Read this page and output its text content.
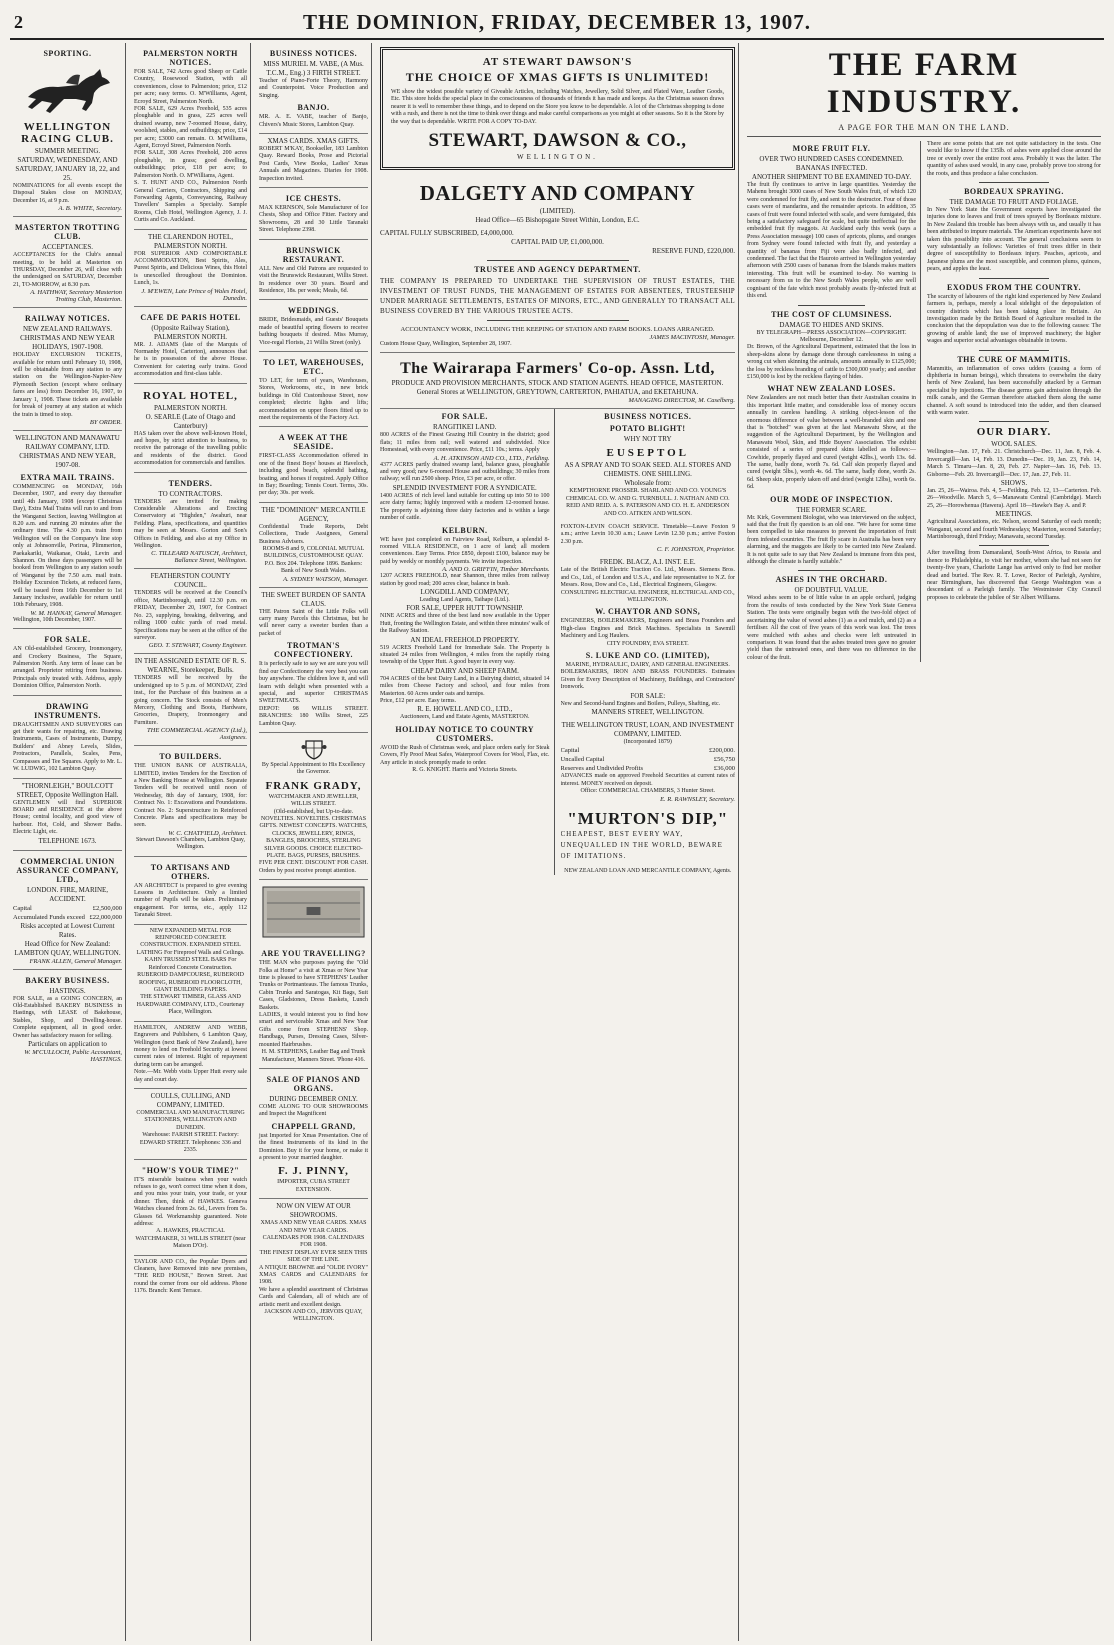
2	THE DOMINION, FRIDAY, DECEMBER 13, 1907.
SPORTING.
WELLINGTON RACING CLUB.
SUMMER MEETING.
SATURDAY, WEDNESDAY, AND SATURDAY, JANUARY 18, 22, and 25.

NOMINATIONS for all events except the Disposal Stakes close on MONDAY, December 16, at 9 p.m.

A. B. WHITE, Secretary.
MASTERTON TROTTING CLUB.
ACCEPTANCES.

ACCEPTANCES for the Club's annual meeting, to be held at Masterton on THURSDAY, December 26, will close with the undersigned on SATURDAY, December 21, TO-MORROW, at 8.30 p.m.

A. HATHWAY, Secretary Masterton Trotting Club, Masterton.
RAILWAY NOTICES.
NEW ZEALAND RAILWAYS.
CHRISTMAS AND NEW YEAR HOLIDAYS, 1907-1908.

HOLIDAY EXCURSION TICKETS, available for return until February 10, 1908, will be obtainable from any station to any station on the Wellington-Napier-New Plymouth Section (except where ordinary fares are less) from December 16, 1907, to January 1, 1908. These tickets are available for break of journey at any station at which the train is timed to stop.

BY ORDER.
WELLINGTON AND MANAWATU RAILWAY COMPANY, LTD.
CHRISTMAS AND NEW YEAR, 1907-08.
EXTRA MAIL TRAINS.

COMMENCING on MONDAY, 16th December, 1907, and every day thereafter until 4th January, 1908 (except Christmas Day), Extra Mail Trains will run to and from the Wanganui Section, leaving Wellington at 8.20 a.m. and running 20 minutes after the ordinary time. The 4.30 p.m. train from Wellington will on the Company's line stop only at Johnsonville, Porirua, Plimmerton, Paekakariki, Waikanae, Otaki, Levin and Shannon. On these days passengers will be booked from Wellington to any station south of Wanganui by the 7.50 a.m. mail train. Holiday Excursion Tickets, at reduced fares, will be issued from 16th December to 1st January inclusive, available for return until 10th February, 1908.

W. M. HANNAY, General Manager.
Wellington, 10th December, 1907.
FOR SALE.

AN Old-established Grocery, Ironmongery, and Crockery Business, The Square, Palmerston North. Any term of lease can be arranged. Proprietor retiring from business. Principals only treated with. Address, apply Dominion Office, Palmerston North.

DRAWING INSTRUMENTS.

DRAUGHTSMEN AND SURVEYORS can get their wants for repairing, etc. Drawing Instruments, Cases of Instruments, Dumpy, Builders' and Abney Levels, Slides, Protractors, Parallels, Scales, Pens, Compasses and Tee Squares. Apply to Mr. L. W. LUDWIG, 102 Lambton Quay.

"THORNLEIGH," BOULCOTT STREET, Opposite Wellington Hall.

GENTLEMEN will find SUPERIOR BOARD and RESIDENCE at the above House; central locality, and good view of harbour. Hot, Cold, and Shower Baths. Electric Light, etc.

TELEPHONE 1673.
COMMERCIAL UNION ASSURANCE COMPANY, LTD.,
LONDON. FIRE, MARINE, ACCIDENT.
Capital	£2,500,000
Accumulated Funds exceed £22,000,000
Risks accepted at Lowest Current Rates.
Head Office for New Zealand:
LAMBTON QUAY, WELLINGTON.
FRANK ALLEN, General Manager.
BAKERY BUSINESS.
HASTINGS.

FOR SALE, as a GOING CONCERN, an Old-Established BAKERY BUSINESS in Hastings, with LEASE of Bakehouse, Stables, Shop, and Dwelling-house. Complete equipment, all in good order. Owner has satisfactory reason for selling.

Particulars on application to
W. M'CULLOCH, Public Accountant, HASTINGS.
PALMERSTON NORTH NOTICES.

FOR SALE, 742 Acres good Sheep or Cattle Country, Rosewood Station, with all conveniences, close to Palmerston; price, £12 per acre; easy terms. O. M'Williams, Agent, Ecroyd Street, Palmerston North.

FOR SALE, 629 Acres Freehold, 535 acres ploughable and in grass, 225 acres well drained swamp, new 7-roomed House, dairy, woolshed, stables, and outbuildings; price, £14 per acre; £3000 can remain. O. M'Williams, Agent, Ecroyd Street, Palmerston North.

FOR SALE, 308 Acres Freehold, 200 acres ploughable, in grass; good dwelling, outbuildings; price, £18 per acre; to Palmerston North. O. M'Williams, Agent.

S. T. HUNT AND CO., Palmerston North General Carriers, Contractors, Shipping and Forwarding Agents, Conveyancing, Railway Travellers' Samples a Specialty. Sample Rooms, Club Hotel, Wellington Agency, J. J. Curtis and Co. Auckland.

THE CLARENDON HOTEL, PALMERSTON NORTH.

FOR SUPERIOR AND COMFORTABLE ACCOMMODATION, Best Spirits, Ales, Purest Spirits, and Delicious Wines, this Hotel is unexcelled throughout the Dominion. Lunch, 1s.

J. M'EWEN, Late Prince of Wales Hotel, Dunedin.
CAFE DE PARIS HOTEL
(Opposite Railway Station), PALMERSTON NORTH.

MR. J. ADAMS (late of the Marquis of Normanby Hotel, Carterton), announces that he is in possession of the above House. Convenient for catering early trains. Good accommodation and first-class table.

ROYAL HOTEL,
PALMERSTON NORTH.
O. SEARLE (Late of Otago and Canterbury)

HAS taken over the above well-known Hotel, and hopes, by strict attention to business, to receive the patronage of the travelling public and residents of the district. Good accommodation for commercials and families.

TENDERS.
TO CONTRACTORS.

TENDERS are invited for making Considerable Alterations and Erecting Conservatory at "Highden," Awahuri, near Feilding. Plans, specifications, and quantities may be seen at Messrs. Gorton and Son's Offices in Feilding, and also at my Office in Wellington.

C. TILLEARD NATUSCH, Architect, Ballance Street, Wellington.
FEATHERSTON COUNTY COUNCIL.

TENDERS will be received at the Council's office, Martinborough, until 12.30 p.m. on FRIDAY, December 20, 1907, for Contract No. 23, supplying, breaking, delivering, and rolling 1000 cubic yards of road metal. Specifications may be seen at the office of the surveyor.

GEO. T. STEWART, County Engineer.
IN THE ASSIGNED ESTATE OF R. S. WEARNE, Storekeeper, Bulls.

TENDERS will be received by the undersigned up to 5 p.m. of MONDAY, 23rd inst., for the Purchase of this business as a going concern. The Stock consists of Men's Mercery, Clothing and Boots, Hardware, Groceries, Drapery, Ironmongery and Furniture.

THE COMMERCIAL AGENCY (Ltd.), Assignees.
TO BUILDERS.

THE UNION BANK OF AUSTRALIA, LIMITED, invites Tenders for the Erection of a New Banking House at Wellington. Separate Tenders will be received until noon of Wednesday, 8th day of January, 1908, for: Contract No. 1: Excavations and Foundations. Contract No. 2: Superstructure in Reinforced Concrete. Plans and specifications may be seen.

W. C. CHATFIELD, Architect.
Stewart Dawson's Chambers, Lambton Quay, Wellington.
TO ARTISANS AND OTHERS.

AN ARCHITECT is prepared to give evening Lessons in Architecture. Only a limited number of Pupils will be taken. Preliminary engagement. For terms, etc., apply 112 Taranaki Street.

NEW EXPANDED METAL FOR REINFORCED CONCRETE CONSTRUCTION. EXPANDED STEEL LATHING For Fireproof Walls and Ceilings. KAHN TRUSSED STEEL BARS For Reinforced Concrete Construction. RUBEROID DAMPCOURSE, RUBEROID ROOFING, RUBEROID FLOORCLOTH, GIANT BUILDING PAPERS.

THE STEWART TIMBER, GLASS AND HARDWARE COMPANY, LTD., Courtenay Place, Wellington.

HAMILTON, ANDREW AND WEBB, Engravers and Publishers, 6 Lambton Quay, Wellington (next Bank of New Zealand), have money to lend on Freehold Security at lowest current rates of interest. Right of repayment during term can be arranged.

Note.—Mr. Webb visits Upper Hutt every sale day and court day.

COULLS, CULLING, AND COMPANY, LIMITED.
COMMERCIAL AND MANUFACTURING STATIONERS, WELLINGTON AND DUNEDIN.
Warehouse: FARISH STREET. Factory: EDWARD STREET. Telephones: 336 and 2335.
"HOW'S YOUR TIME?"

IT'S miserable business when your watch refuses to go, won't correct time when it does, and you miss your train, your trade, or your dinner. Then, think of HAWKES. Geneva Watches cleaned from 2s. 6d., Levers from 5s. Glasses 6d. Workmanship guaranteed. Note address:

A. HAWKES, PRACTICAL WATCHMAKER, 31 WILLIS STREET (near Maison D'Or).

TAYLOR AND CO., the Popular Dyers and Cleaners, have Removed into new premises, "THE RED HOUSE," Brown Street. Just round the corner from our old address. Phone 1176. Branch: Kent Terrace.

BUSINESS NOTICES.
MISS MURIEL M. VABE, (A Mus. T.C.M., Eng.) 3 FIRTH STREET.

Teacher of Piano-Forte Theory, Harmony and Counterpoint. Voice Production and Singing.

BANJO.

MR. A. E. VABE, teacher of Banjo, Chivers's Music Stores, Lambton Quay.

XMAS CARDS. XMAS GIFTS.

ROBERT M'KAY, Bookseller, 183 Lambton Quay. Reward Books, Prose and Pictorial Post Cards, View Books, Ladies' Xmas Annuals and Magazines. Diaries for 1908. Inspection invited.

ICE CHESTS.

MAX KERNSON, Sole Manufacturer of Ice Chests, Shop and Office Fitter. Factory and Showrooms, 28 and 30 Little Taranaki Street. Telephone 2398.

BRUNSWICK RESTAURANT.

ALL New and Old Patrons are requested to visit the Brunswick Restaurant, Willis Street. In residence over 30 years. Board and Residence, 18s. per week; Meals, 6d.

WEDDINGS.

BRIDE, Bridesmaids, and Guests' Bouquets made of beautiful spring flowers to receive bathing bouquets if desired. Miss Murray, Vice-regal Florists, 21 Willis Street (only).

TO LET, WAREHOUSES, ETC.

TO LET, for term of years, Warehouses, Stores, Workrooms, etc., in new brick buildings in Old Customhouse Street, now completed; electric lights and lifts; accommodation on upper floors fitted up to meet the requirements of the Factory Act.

A WEEK AT THE SEASIDE.

FIRST-CLASS Accommodation offered in one of the finest Boys' houses at Haveloch, including good beach, splendid bathing, boating, and horses if required. Apply Office in Bay; Boarding; Tennis Court. Terms, 30s. per day; 30s. per week.

THE "DOMINION" MERCANTILE AGENCY,

Confidential Trade Reports, Debt Collections, Trade Assignees, General Business Advisers.

ROOMS-8 and 9, COLONIAL MUTUAL BUILDINGS, CUSTOMHOUSE QUAY.

P.O. Box 204. Telephone 1896. Bankers: Bank of New South Wales.

A. SYDNEY WATSON, Manager.
THE SWEET BURDEN OF SANTA CLAUS.

THE Patron Saint of the Little Folks will carry many Parcels this Christmas, but he will never carry a sweeter burden than a packet of

TROTMAN'S CONFECTIONERY.

It is perfectly safe to say we are sure you will find our Confectionery the very best you can buy anywhere. The children love it, and will learn with delight when presented with a special, and superior CHRISTMAS SWEETMEATS.

DEPOT: 98 WILLIS STREET. BRANCHES: 180 Willis Street, 225 Lambton Quay.

By Special Appointment to His Excellency the Governor.
FRANK GRADY,
WATCHMAKER AND JEWELLER, WILLIS STREET.

(Old-established, but Up-to-date. NOVELTIES. NOVELTIES. CHRISTMAS GIFTS. NEWEST CONCEPTS. WATCHES, CLOCKS, JEWELLERY, RINGS, BANGLES, BROOCHES, STERLING SILVER GOODS. CHOICE ELECTRO-PLATE. BAGS, PURSES, BRUSHES.

FIVE PER CENT. DISCOUNT FOR CASH. Orders by post receive prompt attention.

ARE YOU TRAVELLING?

THE MAN who purposes paying the "Old Folks at Home" a visit at Xmas or New Year time is pleased to have STEPHENS' Leather Trunks or Portmanteaus. The famous Trunks, Cabin Trunks and Saratogas, Kit Bags, Suit Cases, Gladstones, Dress Baskets, Lunch Baskets.

LADIES, it would interest you to find how smart and serviceable Xmas and New Year Gifts come from STEPHENS' Shop. Handbags, Purses, Dressing Cases, Silver-mounted Hairbrushes.

H. M. STEPHENS, Leather Bag and Trunk Manufacturer, Manners Street. 'Phone 416.
SALE OF PIANOS AND ORGANS.
DURING DECEMBER ONLY.

COME ALONG TO OUR SHOWROOMS and Inspect the Magnificent

CHAPPELL GRAND,

just Imported for Xmas Presentation. One of the finest Instruments of its kind in the Dominion. Buy it for your home, or make it a present to your married daughter.

F. J. PINNY,
IMPORTER, CUBA STREET EXTENSION.
NOW ON VIEW AT OUR SHOWROOMS.

XMAS AND NEW YEAR CARDS. XMAS AND NEW YEAR CARDS.

CALENDARS FOR 1908. CALENDARS FOR 1908.

THE FINEST DISPLAY EVER SEEN THIS SIDE OF THE LINE.

A NTIQUE BROWNE and "OLDE IVORY" XMAS CARDS and CALENDARS for 1908.

We have a splendid assortment of Christmas Cards and Calendars, all of which are of artistic merit and excellent design.

JACKSON AND CO., JERVOIS QUAY, WELLINGTON.
AT STEWART DAWSON'S
THE CHOICE OF XMAS GIFTS IS UNLIMITED!

WE show the widest possible variety of Giveable Articles, including Watches, Jewellery, Solid Silver, and Plated Ware, Leather Goods, Etc. This store holds the special place in the consciousness of thousands of friends it has made and keeps. As the Christmas season draws nearer it is well to remember these things, and to depend on the Store you know to be dependable. A lot of the Christmas shopping is done with a rush, and there is not the time to think over things and make careful comparisons as you might at other seasons. So it is the Store by the way that is dependable. WRITE FOR A COPY TO-DAY.

STEWART, DAWSON & CO.,
WELLINGTON.
DALGETY AND COMPANY
(LIMITED).
Head Office—65 Bishopsgate Street Within, London, E.C.
CAPITAL FULLY SUBSCRIBED, £4,000,000.
CAPITAL PAID UP, £1,000,000.
RESERVE FUND, £220,000.
TRUSTEE AND AGENCY DEPARTMENT.

THE COMPANY IS PREPARED TO UNDERTAKE THE SUPERVISION OF TRUST ESTATES, THE INVESTMENT OF TRUST FUNDS, THE MANAGEMENT OF ESTATES FOR ABSENTEES, TRUSTEESHIP UNDER MARRIAGE SETTLEMENTS, ESTATES OF MINORS, ETC., AND GENERALLY TO TRANSACT ALL BUSINESS COVERED BY THE VARIOUS TRUSTEE ACTS.

ACCOUNTANCY WORK, INCLUDING THE KEEPING OF STATION AND FARM BOOKS. LOANS ARRANGED.

JAMES MACINTOSH, Manager.
Custom House Quay, Wellington, September 28, 1907.
The Wairarapa Farmers' Co-op. Assn. Ltd,
PRODUCE AND PROVISION MERCHANTS, STOCK AND STATION AGENTS. HEAD OFFICE, MASTERTON.
General Stores at WELLINGTON, GREYTOWN, CARTERTON, PAHIATUA, and EKETAHUNA.
MANAGING DIRECTOR, M. Caselberg.
FOR SALE.
RANGITIKEI LAND.

800 ACRES of the Finest Grazing Hill Country in the district; good flats; 11 miles from rail; well watered and subdivided. Nice Homestead, with every convenience. Price, £11 10s.; terms. Apply

A. H. ATKINSON AND CO., LTD., Feilding.

4377 ACRES partly drained swamp land, balance grass, ploughable and very good; new 6-roomed House and outbuildings; 30 miles from railway; will run 2500 sheep. Price, £3 per acre, or offer.

SPLENDID INVESTMENT FOR A SYNDICATE.

1400 ACRES of rich level land suitable for cutting up into 50 to 100 acre dairy farms; highly improved with a modern 12-roomed house. The property is adjoining three dairy factories and is within a large number of cattle.

KELBURN.

WE have just completed on Fairview Road, Kelburn, a splendid 8-roomed VILLA RESIDENCE, on 1 acre of land; all modern conveniences. Easy Terms. Price £850, deposit £100, balance may be paid by weekly or monthly payments. We invite inspection.

A. AND O. GRIFFIN, Timber Merchants.

1207 ACRES FREEHOLD, near Shannon, three miles from railway station by good road; 200 acres clear, balance in bush.

LONGDILL AND COMPANY,
Leading Land Agents, Taihape (Ltd.).
FOR SALE, UPPER HUTT TOWNSHIP.

NINE ACRES and three of the best land now available in the Upper Hutt, fronting the Wellington Estate, and within three minutes' walk of the Railway Station.

AN IDEAL FREEHOLD PROPERTY.

519 ACRES Freehold Land for Immediate Sale. The Property is situated 24 miles from Wellington, 4 miles from the rapidly rising township of the Upper Hutt. A good buyer in every way.

CHEAP DAIRY AND SHEEP FARM.

704 ACRES of the best Dairy Land, in a Dairying district, situated 14 miles from Cheese Factory and school, and four miles from Masterton. 60 Acres under oats and turnips.

Price, £12 per acre. Easy terms.
R. E. HOWELL AND CO., LTD.,
Auctioneers, Land and Estate Agents, MASTERTON.
HOLIDAY NOTICE TO COUNTRY CUSTOMERS.

AVOID the Rush of Christmas week, and place orders early for Steak Covers, Fly Proof Meat Safes, Waterproof Covers for Wool, Flax, etc. Any article in stock promptly made to order.

R. G. KNIGHT. Harris and Victoria Streets.
BUSINESS NOTICES.
POTATO BLIGHT!
WHY NOT TRY
EUSEPTOL
AS A SPRAY AND TO SOAK SEED. ALL STORES AND CHEMISTS. ONE SHILLING.
Wholesale from:

KEMPTHORNE PROSSER. SHARLAND AND CO. YOUNG'S CHEMICAL CO. W. AND G. TURNBULL. J. NATHAN AND CO. REID AND REID. A. S. PATERSON AND CO. H. E. ANDERSON AND CO. AITKEN AND WILSON.

FOXTON-LEVIN COACH SERVICE. Timetable—Leave Foxton 9 a.m.; arrive Levin 10.30 a.m.; Leave Levin 12.30 p.m.; arrive Foxton 2.30 p.m.

C. F. JOHNSTON, Proprietor.
FREDK. BLACZ, A.I. INST. E.E.

Late of the British Electric Traction Co. Ltd., Messrs. Siemens Bros. and Co., Ltd., of London and U.S.A., and late representative to N.Z. for Messrs. Ross, Dow and Co., Ltd., Electrical Engineers, Glasgow.

CONSULTING ELECTRICAL ENGINEER, ELECTRICAL AND CO., WELLINGTON.
W. CHAYTOR AND SONS,

ENGINEERS, BOILERMAKERS, Engineers and Brass Founders and High-class Engines and Brick Machines. Specialists in Sawmill Machinery and Log Haulers.

CITY FOUNDRY, EVA STREET.
S. LUKE AND CO. (LIMITED),
MARINE, HYDRAULIC, DAIRY, AND GENERAL ENGINEERS.

BOILERMAKERS, IRON AND BRASS FOUNDERS. Estimates Given for Every Description of Machinery, Buildings, and Contractors' Ironwork.

FOR SALE:

New and Second-hand Engines and Boilers, Pulleys, Shafting, etc.

MANNERS STREET, WELLINGTON.
THE WELLINGTON TRUST, LOAN, AND INVESTMENT COMPANY, LIMITED.
(Incorporated 1879)
Capital	£200,000.
Uncalled Capital	£56,750
Reserves and Undivided Profits	£36,000

ADVANCES made on approved Freehold Securities at current rates of interest. MONEY received on deposit.

Office: COMMERCIAL CHAMBERS, 3 Hunter Street.
E. R. RAWNSLEY, Secretary.
"MURTON'S DIP,"
CHEAPEST, BEST EVERY WAY, UNEQUALLED IN THE WORLD, BEWARE OF IMITATIONS.
NEW ZEALAND LOAN AND MERCANTILE COMPANY, Agents.
THE FARM INDUSTRY.
A PAGE FOR THE MAN ON THE LAND.
MORE FRUIT FLY.
OVER TWO HUNDRED CASES CONDEMNED.
BANANAS INFECTED.
ANOTHER SHIPMENT TO BE EXAMINED TO-DAY.

The fruit fly continues to arrive in large quantities. Yesterday the Mahenu brought 3000 cases of New South Wales fruit, of which 120 were condemned for fruit fly, and sent to the destructor. Four of those cases were of mandarins, and the remainder apricots. In addition, 35 cases of fruit were found infected with scale, and were fumigated, this being a satisfactory safeguard for scale, but quite ineffectual for the embedded fruit fly maggots. At Auckland early this week (says a Press Association message) 100 cases of apricots, plums, and oranges from Sydney were found infected with fruit fly, and yesterday a quantity of bananas from Fiji were also badly infected, and condemned. The fact that the Hauroto arrived in Wellington yesterday afternoon with 2500 cases of bananas from the Islands makes matters interesting. This fruit will be examined to-day. No warning is necessary from us to the New South Wales people, who are well cognisant of the fate which most probably awaits fly-infected fruit at this end.

THE COST OF CLUMSINESS.
DAMAGE TO HIDES AND SKINS.
BY TELEGRAPH—PRESS ASSOCIATION—COPYRIGHT. Melbourne, December 12.

Dr. Brown, of the Agricultural Department, estimated that the loss in sheep-skins alone by damage done through carelessness in using a wrong cut when skinning the animals, amounts annually to £125,000; the loss by reckless branding of cattle to £300,000 yearly; and another £150,000 is lost by the reckless flaying of hides.

WHAT NEW ZEALAND LOSES.

New Zealanders are not much better than their Australian cousins in this important little matter, and considerable loss of money occurs annually in careless handling. A striking object-lesson of the enormous difference of value between a well-branded skin and one that is "botched" was given at the last Manawatu Show, at the suggestion of the Agricultural Department, by the Wellington and Manawatu Wool, Skin, and Hide Buyers' Association. The exhibit consisted of a series of prepared skins labelled as follows:— Cowhide, properly flayed and cured (weight 42lbs.), worth 13s. 6d. The same, badly done, worth 7s. 6d. Calf skin properly flayed and cured (weight 5lbs.), worth 4s. 6d. The same, badly done, worth 2s. 6d. Sheep skin, properly taken off and dried (weight 12lbs), worth 6s. 6d.

OUR MODE OF INSPECTION.
THE FORMER SCARE.

Mr. Kirk, Government Biologist, who was interviewed on the subject, said that the fruit fly question is an old one. "We have for some time been compelled to take measures to prevent the importation of fruit from infested countries. The fruit fly scare in Australia has been very alarming, and the maggots are likely to be carried into New Zealand. It is not quite safe to say that New Zealand is immune from this pest, although the climate is hardly suitable."

ASHES IN THE ORCHARD.
OF DOUBTFUL VALUE.

Wood ashes seem to be of little value in an apple orchard, judging from the results of tests conducted by the New York State Geneva Station. The tests were originally begun with the two-fold object of ascertaining the value of wood ashes (1) as a sod mulch, and (2) as a fertiliser. All the cost of five years of this work was lost. The trees were mulched with ashes and checks were left untreated in comparison. It was found that the ashes treated trees gave no greater yield than the untreated ones, and there was no difference in the colour of the fruit.

There are some points that are not quite satisfactory in the tests. One would like to know if the 135lb. of ashes were applied close around the tree or evenly over the entire root area. Probably it was the latter. The quantity of ashes used would, in any case, probably prove too strong for the roots, and thus produce a false conclusion.

BORDEAUX SPRAYING.
THE DAMAGE TO FRUIT AND FOLIAGE.

In New York State the Government experts have investigated the injuries done to leaves and fruit of trees sprayed by Bordeaux mixture. In New Zealand this trouble has been always with us, and usually it has been attributed to impure materials. The American experiments have not taken this possibility into account. The general conclusions seem to vary substantially as follows: Varieties of fruit trees differ in their degree of susceptibility to Bordeaux injury. Peaches, apricots, and Japanese plums are the most susceptible, and common plums, quinces, pears, and apples the least.

EXODUS FROM THE COUNTRY.

The scarcity of labourers of the right kind experienced by New Zealand farmers is, perhaps, merely a local sidelight of the depopulation of country districts which has been taking place in Britain. An investigation made by the British Board of Agriculture resulted in the conclusion that the depopulation was due to the following causes: The growing of arable land; the use of improved machinery; the higher wages and superior social advantages obtainable in towns.

THE CURE OF MAMMITIS.

Mammitis, an inflammation of cows udders (causing a form of diphtheria in human beings), which threatens to overwhelm the dairy herds of New Zealand, has been successfully attacked by a German specialist by injections. The disease germs gain admission through the milk canals, and the German therefore attacked them along the same channel. A soft sound is introduced into the udder, and then cleansed with warm water.

OUR DIARY.
WOOL SALES.

Wellington—Jan. 17, Feb. 21. Christchurch—Dec. 11, Jan. 8, Feb. 4. Invercargill—Jan. 14, Feb. 13. Dunedin—Dec. 19, Jan. 23, Feb. 14, March 5. Timaru—Jan. 8, 20, Feb. 27. Napier—Jan. 16, Feb. 13. Gisborne—Feb. 20. Invercargill—Dec. 17, Jan. 27, Feb. 11.

SHOWS.

Jan. 25, 26—Wairoa. Feb. 4, 5—Feilding. Feb. 12, 13—Carterton. Feb. 26—Woodville. March 5, 6—Manawatu Central (Cambridge). March 25, 26—Horowhenua (Hawera). April 18—Hawke's Bay A. and P.

MEETINGS.

Agricultural Associations, etc. Nelson, second Saturday of each month; Wanganui, second and fourth Wednesdays; Masterton, second Saturday; Martinborough, third Friday; Manawatu, second Tuesday.

After travelling from Damaraland, South-West Africa, to Russia and thence to Philadelphia, to visit her mother, whom she had not seen for twenty-five years, Charlotte Lange has arrived only to find her mother dead and buried. The Rev. R. T. Lowe, Rector of Parleigh, Ayrshire, near Birmingham, has discovered that George Washington was a descendant of a Parleigh family. The Westminster City Council proposes to celebrate the jubilee of Sir Albert Williams.
